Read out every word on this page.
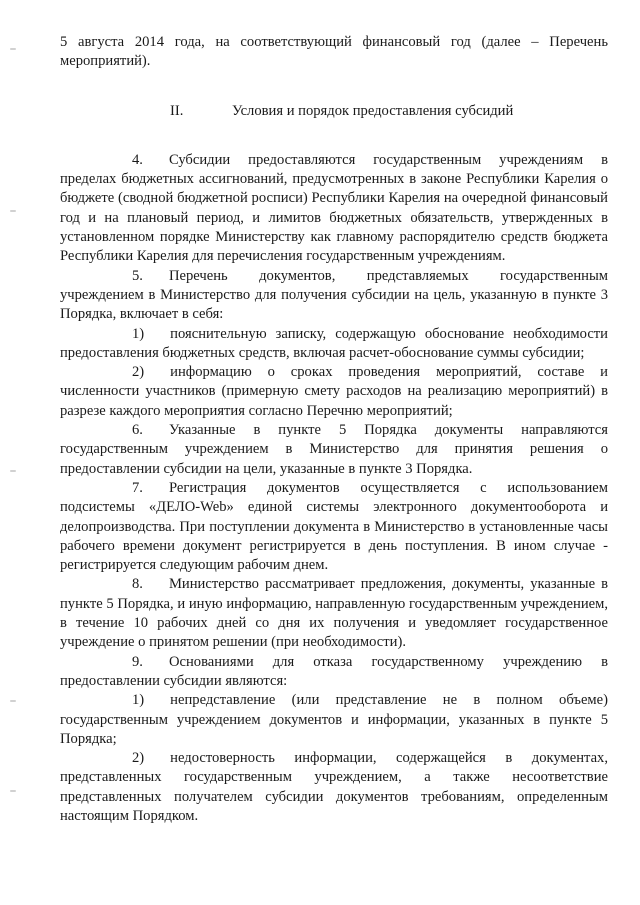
5 августа 2014 года, на соответствующий финансовый год (далее – Перечень мероприятий).

II.	Условия и порядок предоставления субсидий

4. Субсидии предоставляются государственным учреждениям в пределах бюджетных ассигнований, предусмотренных в законе Республики Карелия о бюджете (сводной бюджетной росписи) Республики Карелия на очередной финансовый год и на плановый период, и лимитов бюджетных обязательств, утвержденных в установленном порядке Министерству как главному распорядителю средств бюджета Республики Карелия для перечисления государственным учреждениям.

5. Перечень документов, представляемых государственным учреждением в Министерство для получения субсидии на цель, указанную в пункте 3 Порядка, включает в себя:

1) пояснительную записку, содержащую обоснование необходимости предоставления бюджетных средств, включая расчет-обоснование суммы субсидии;

2) информацию о сроках проведения мероприятий, составе и численности участников (примерную смету расходов на реализацию мероприятий) в разрезе каждого мероприятия согласно Перечню мероприятий;

6. Указанные в пункте 5 Порядка документы направляются государственным учреждением в Министерство для принятия решения о предоставлении субсидии на цели, указанные в пункте 3 Порядка.

7. Регистрация документов осуществляется с использованием подсистемы «ДЕЛО-Web» единой системы электронного документооборота и делопроизводства. При поступлении документа в Министерство в установленные часы рабочего времени документ регистрируется в день поступления. В ином случае - регистрируется следующим рабочим днем.

8. Министерство рассматривает предложения, документы, указанные в пункте 5 Порядка, и иную информацию, направленную государственным учреждением, в течение 10 рабочих дней со дня их получения и уведомляет государственное учреждение о принятом решении (при необходимости).

9. Основаниями для отказа государственному учреждению в предоставлении субсидии являются:

1) непредставление (или представление не в полном объеме) государственным учреждением документов и информации, указанных в пункте 5 Порядка;

2) недостоверность информации, содержащейся в документах, представленных государственным учреждением, а также несоответствие представленных получателем субсидии документов требованиям, определенным настоящим Порядком.
